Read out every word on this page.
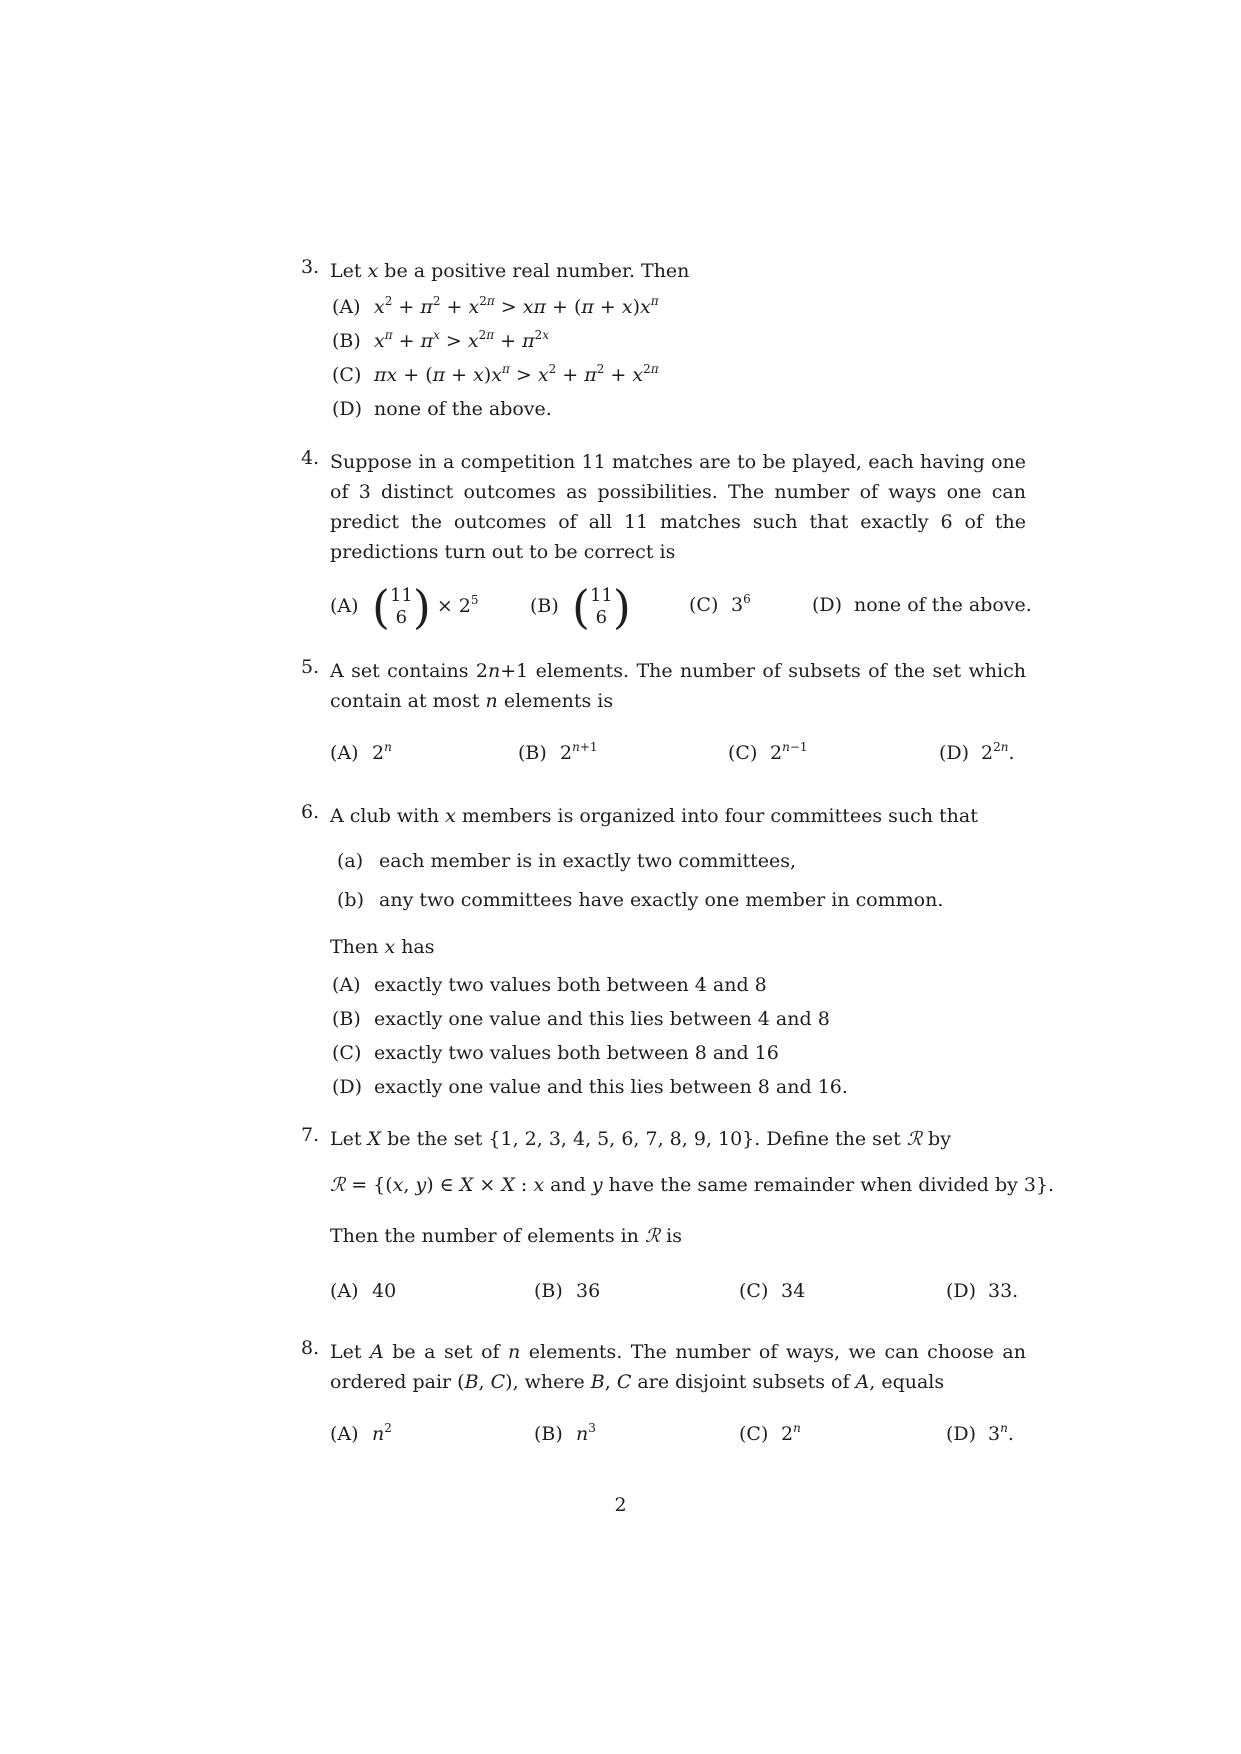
3. Let x be a positive real number. Then
(A) $x^2 + \pi^2 + x^{2\pi} > x\pi + (\pi + x)x^\pi$
(B) $x^\pi + \pi^x > x^{2\pi} + \pi^{2x}$
(C) $\pi x + (\pi + x)x^\pi > x^2 + \pi^2 + x^{2\pi}$
(D) none of the above.
4. Suppose in a competition 11 matches are to be played, each having one of 3 distinct outcomes as possibilities. The number of ways one can predict the outcomes of all 11 matches such that exactly 6 of the predictions turn out to be correct is
(A) (11
6 ) × $2^5$	(B) (11
6 )	(C) $3^6$	(D) none of the above.
5. A set contains 2n+1 elements. The number of subsets of the set which contain at most n elements is
(A) 2$^n$	(B) $2^{n+1}$	(C) $2^{n-1}$	(D) $2^{2n}$.
6. A club with x members is organized into four committees such that
(a) each member is in exactly two committees,
(b) any two committees have exactly one member in common.
Then x has
(A) exactly two values both between 4 and 8
(B) exactly one value and this lies between 4 and 8
(C) exactly two values both between 8 and 16
(D) exactly one value and this lies between 8 and 16.
7. Let X be the set {1, 2, 3, 4, 5, 6, 7, 8, 9, 10}. Define the set ℛ by
ℛ = {(x, y) ∈ X × X : x and y have the same remainder when divided by 3}.
Then the number of elements in ℛ is
(A) 40	(B) 36	(C) 34	(D) 33.
8. Let A be a set of n elements. The number of ways, we can choose an ordered pair (B, C), where B, C are disjoint subsets of A, equals
(A) $n^2$	(B) $n^3$	(C) 2$^n$	(D) 3$^n$.
2
